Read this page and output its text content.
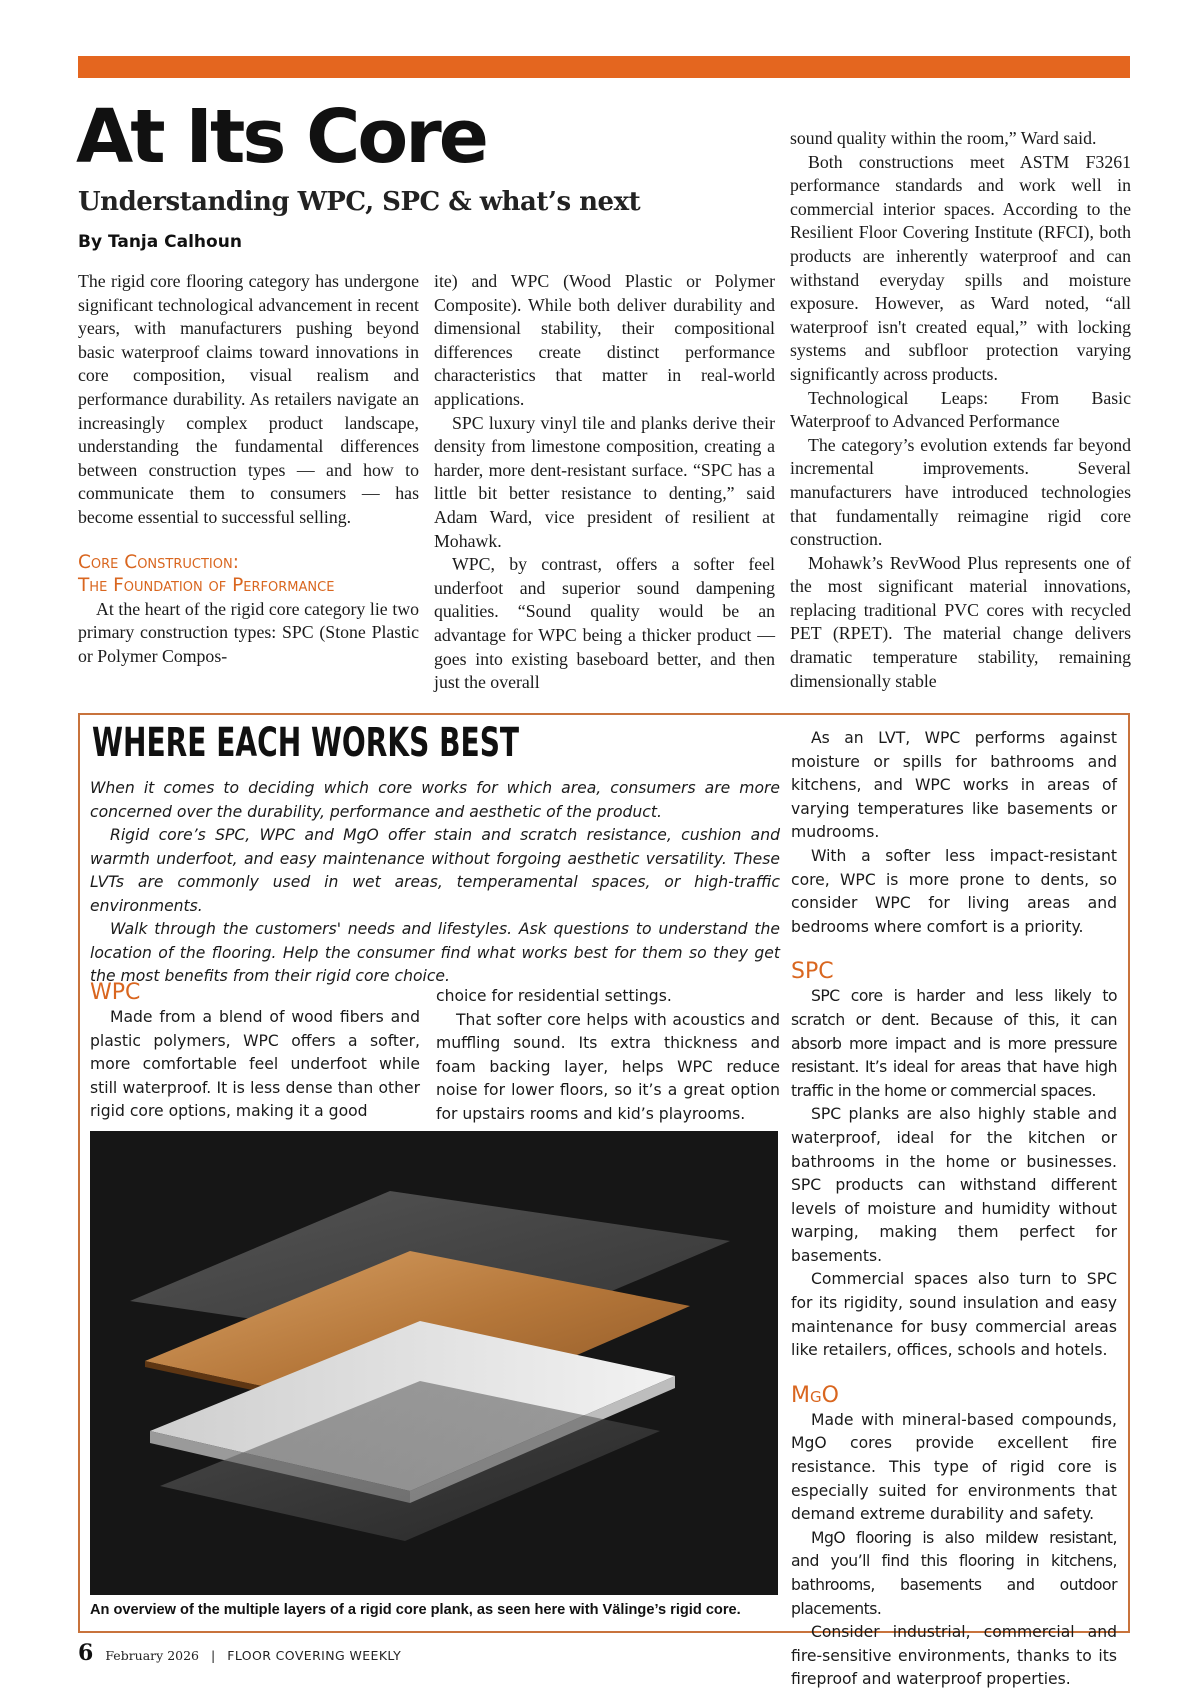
At Its Core
Understanding WPC, SPC & what’s next

By Tanja Calhoun

The rigid core flooring category has undergone significant technological advancement in recent years, with manufacturers pushing beyond basic waterproof claims toward innovations in core composition, visual realism and performance durability. As retailers navigate an increasingly complex product landscape, understanding the fundamental differences between construction types — and how to communicate them to consumers — has become essential to successful selling.

Core Construction:
The Foundation of Performance

At the heart of the rigid core category lie two primary construction types: SPC (Stone Plastic or Polymer Compos-

ite) and WPC (Wood Plastic or Polymer Composite). While both deliver durability and dimensional stability, their compositional differences create distinct performance characteristics that matter in real-world applications.

SPC luxury vinyl tile and planks derive their density from limestone composition, creating a harder, more dent-resistant surface. “SPC has a little bit better resistance to denting,” said Adam Ward, vice president of resilient at Mohawk.

WPC, by contrast, offers a softer feel underfoot and superior sound dampening qualities. “Sound quality would be an advantage for WPC being a thicker product — goes into existing baseboard better, and then just the overall

sound quality within the room,” Ward said.

Both constructions meet ASTM F3261 performance standards and work well in commercial interior spaces. According to the Resilient Floor Covering Institute (RFCI), both products are inherently waterproof and can withstand everyday spills and moisture exposure. However, as Ward noted, “all waterproof isn't created equal,” with locking systems and subfloor protection varying significantly across products.

Technological Leaps: From Basic Waterproof to Advanced Performance

The category’s evolution extends far beyond incremental improvements. Several manufacturers have introduced technologies that fundamentally reimagine rigid core construction.

Mohawk’s RevWood Plus represents one of the most significant material innovations, replacing traditional PVC cores with recycled PET (RPET). The material change delivers dramatic temperature stability, remaining dimensionally stable

WHERE EACH WORKS BEST

When it comes to deciding which core works for which area, consumers are more concerned over the durability, performance and aesthetic of the product.

Rigid core’s SPC, WPC and MgO offer stain and scratch resistance, cushion and warmth underfoot, and easy maintenance without forgoing aesthetic versatility. These LVTs are commonly used in wet areas, temperamental spaces, or high-traffic environments.

Walk through the customers' needs and lifestyles. Ask questions to understand the location of the flooring. Help the consumer find what works best for them so they get the most benefits from their rigid core choice.

WPC

Made from a blend of wood fibers and plastic polymers, WPC offers a softer, more comfortable feel underfoot while still waterproof. It is less dense than other rigid core options, making it a good

choice for residential settings.

That softer core helps with acoustics and muffling sound. Its extra thickness and foam backing layer, helps WPC reduce noise for lower floors, so it’s a great option for upstairs rooms and kid’s playrooms.

An overview of the multiple layers of a rigid core plank, as seen here with Välinge’s rigid core.

As an LVT, WPC performs against moisture or spills for bathrooms and kitchens, and WPC works in areas of varying temperatures like basements or mudrooms.

With a softer less impact-resistant core, WPC is more prone to dents, so consider WPC for living areas and bedrooms where comfort is a priority.

SPC

SPC core is harder and less likely to scratch or dent. Because of this, it can absorb more impact and is more pressure resistant. It’s ideal for areas that have high traffic in the home or commercial spaces.

SPC planks are also highly stable and waterproof, ideal for the kitchen or bathrooms in the home or businesses. SPC products can withstand different levels of moisture and humidity without warping, making them perfect for basements.

Commercial spaces also turn to SPC for its rigidity, sound insulation and easy maintenance for busy commercial areas like retailers, offices, schools and hotels.

MgO

Made with mineral-based compounds, MgO cores provide excellent fire resistance. This type of rigid core is especially suited for environments that demand extreme durability and safety.

MgO flooring is also mildew resistant, and you’ll find this flooring in kitchens, bathrooms, basements and outdoor placements.

Consider industrial, commercial and fire-sensitive environments, thanks to its fireproof and waterproof properties.

6 February 2026 | FLOOR COVERING WEEKLY
